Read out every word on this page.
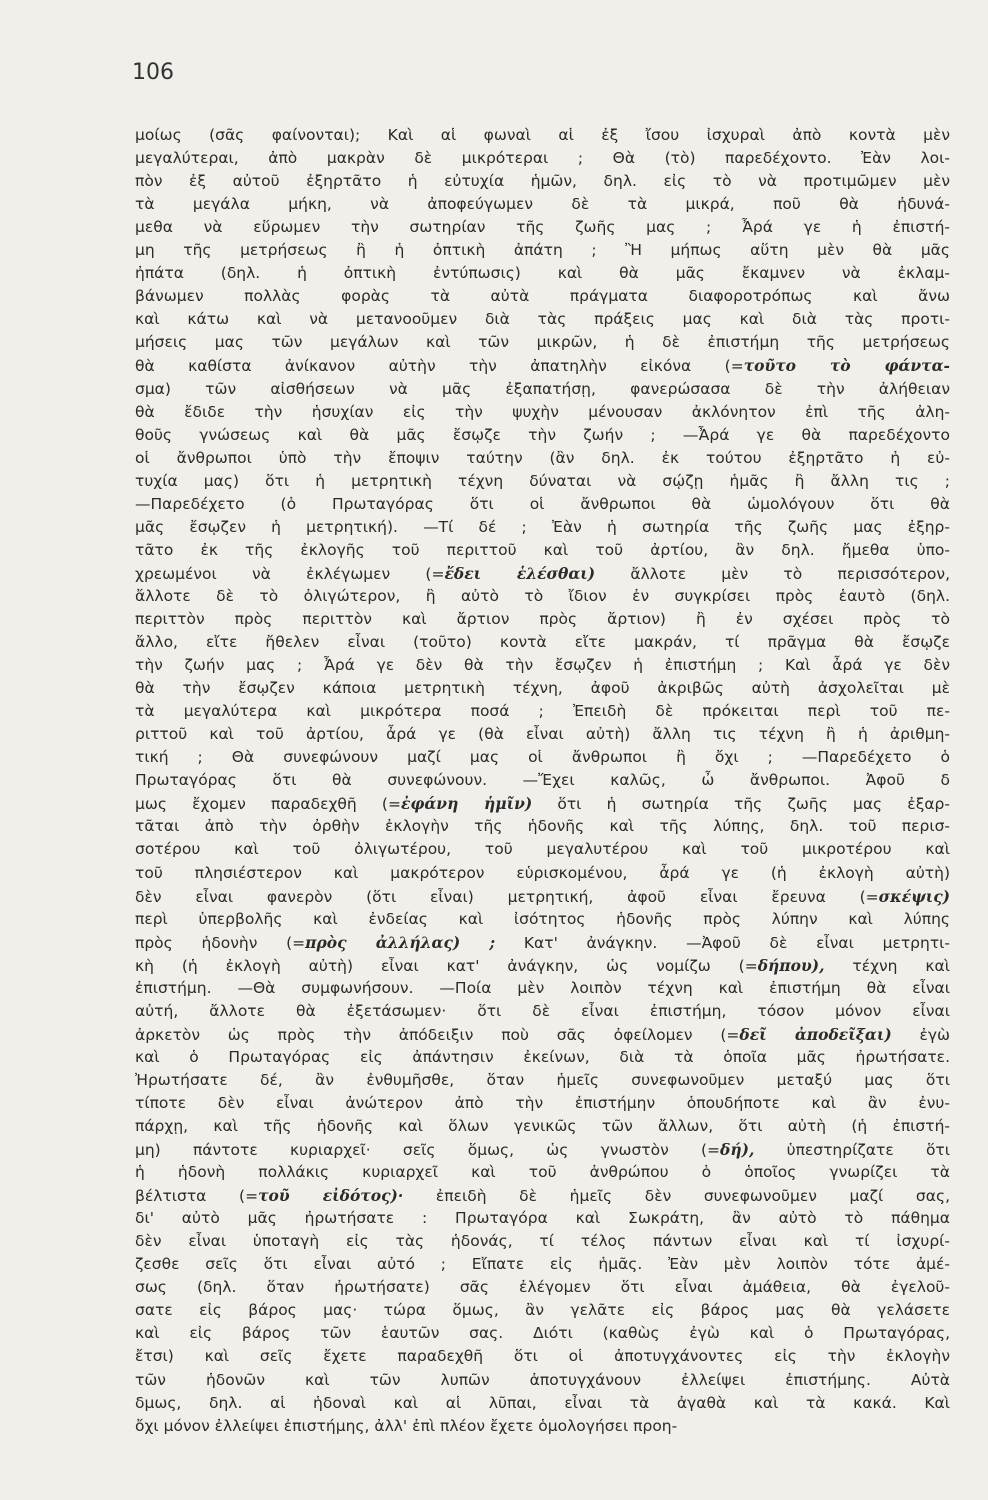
106
μοίως (σᾶς φαίνονται); Καὶ αἱ φωναὶ αἱ ἐξ ἴσου ἰσχυραὶ ἀπὸ κοντὰ μὲν
μεγαλύτεραι, ἀπὸ μακρὰν δὲ μικρότεραι ; Θὰ (τὸ) παρεδέχοντο. Ἐὰν λοι-
πὸν ἐξ αὐτοῦ ἐξηρτᾶτο ἡ εὐτυχία ἡμῶν, δηλ. εἰς τὸ νὰ προτιμῶμεν μὲν
τὰ μεγάλα μήκη, νὰ ἀποφεύγωμεν δὲ τὰ μικρά, ποῦ θὰ ἠδυνά-
μεθα νὰ εὕρωμεν τὴν σωτηρίαν τῆς ζωῆς μας ; Ἆρά γε ἡ ἐπιστή-
μη τῆς μετρήσεως ἢ ἡ ὀπτικὴ ἀπάτη ; Ἢ μήπως αὕτη μὲν θὰ μᾶς
ἠπάτα (δηλ. ἡ ὀπτικὴ ἐντύπωσις) καὶ θὰ μᾶς ἔκαμνεν νὰ ἐκλαμ-
βάνωμεν πολλὰς φορὰς τὰ αὐτὰ πράγματα διαφοροτρόπως καὶ ἄνω
καὶ κάτω καὶ νὰ μετανοοῦμεν διὰ τὰς πράξεις μας καὶ διὰ τὰς προτι-
μήσεις μας τῶν μεγάλων καὶ τῶν μικρῶν, ἡ δὲ ἐπιστήμη τῆς μετρήσεως
θὰ καθίστα ἀνίκανον αὐτὴν τὴν ἀπατηλὴν εἰκόνα (=τοῦτο τὸ φάντα-
σμα) τῶν αἰσθήσεων νὰ μᾶς ἐξαπατήσῃ, φανερώσασα δὲ τὴν ἀλήθειαν
θὰ ἔδιδε τὴν ἡσυχίαν εἰς τὴν ψυχὴν μένουσαν ἀκλόνητον ἐπὶ τῆς ἀλη-
θοῦς γνώσεως καὶ θὰ μᾶς ἔσῳζε τὴν ζωήν ; —Ἆρά γε θὰ παρεδέχοντο
οἱ ἄνθρωποι ὑπὸ τὴν ἔποψιν ταύτην (ἂν δηλ. ἐκ τούτου ἐξηρτᾶτο ἡ εὐ-
τυχία μας) ὅτι ἡ μετρητικὴ τέχνη δύναται νὰ σῴζῃ ἡμᾶς ἢ ἄλλη τις ;
—Παρεδέχετο (ὁ Πρωταγόρας ὅτι οἱ ἄνθρωποι θὰ ὡμολόγουν ὅτι θὰ
μᾶς ἔσῳζεν ἡ μετρητική). —Τί δέ ; Ἐὰν ἡ σωτηρία τῆς ζωῆς μας ἐξηρ-
τᾶτο ἐκ τῆς ἐκλογῆς τοῦ περιττοῦ καὶ τοῦ ἀρτίου, ἂν δηλ. ἤμεθα ὑπο-
χρεωμένοι νὰ ἐκλέγωμεν (=ἔδει ἑλέσθαι) ἄλλοτε μὲν τὸ περισσότερον,
ἄλλοτε δὲ τὸ ὀλιγώτερον, ἢ αὐτὸ τὸ ἴδιον ἐν συγκρίσει πρὸς ἑαυτὸ (δηλ.
περιττὸν πρὸς περιττὸν καὶ ἄρτιον πρὸς ἄρτιον) ἢ ἐν σχέσει πρὸς τὸ
ἄλλο, εἴτε ἤθελεν εἶναι (τοῦτο) κοντὰ εἴτε μακράν, τί πρᾶγμα θὰ ἔσῳζε
τὴν ζωήν μας ; Ἆρά γε δὲν θὰ τὴν ἔσῳζεν ἡ ἐπιστήμη ; Καὶ ἆρά γε δὲν
θὰ τὴν ἔσῳζεν κάποια μετρητικὴ τέχνη, ἀφοῦ ἀκριβῶς αὐτὴ ἀσχολεῖται μὲ
τὰ μεγαλύτερα καὶ μικρότερα ποσά ; Ἐπειδὴ δὲ πρόκειται περὶ τοῦ πε-
ριττοῦ καὶ τοῦ ἀρτίου, ἆρά γε (θὰ εἶναι αὐτὴ) ἄλλη τις τέχνη ἢ ἡ ἀριθμη-
τική ; Θὰ συνεφώνουν μαζί μας οἱ ἄνθρωποι ἢ ὄχι ; —Παρεδέχετο ὁ
Πρωταγόρας ὅτι θὰ συνεφώνουν. —Ἔχει καλῶς, ὦ ἄνθρωποι. Ἀφοῦ δ
μως ἔχομεν παραδεχθῆ (=ἐφάνη ἡμῖν) ὅτι ἡ σωτηρία τῆς ζωῆς μας ἐξαρ-
τᾶται ἀπὸ τὴν ὀρθὴν ἐκλογὴν τῆς ἡδονῆς καὶ τῆς λύπης, δηλ. τοῦ περισ-
σοτέρου καὶ τοῦ ὀλιγωτέρου, τοῦ μεγαλυτέρου καὶ τοῦ μικροτέρου καὶ
τοῦ πλησιέστερον καὶ μακρότερον εὑρισκομένου, ἆρά γε (ἡ ἐκλογὴ αὐτὴ)
δὲν εἶναι φανερὸν (ὅτι εἶναι) μετρητική, ἀφοῦ εἶναι ἔρευνα (=σκέψις)
περὶ ὑπερβολῆς καὶ ἐνδείας καὶ ἰσότητος ἡδονῆς πρὸς λύπην καὶ λύπης
πρὸς ἡδονὴν (=πρὸς ἀλλήλας) ; Κατ' ἀνάγκην. —Ἀφοῦ δὲ εἶναι μετρητι-
κὴ (ἡ ἐκλογὴ αὐτὴ) εἶναι κατ' ἀνάγκην, ὡς νομίζω (=δήπου), τέχνη καὶ
ἐπιστήμη. —Θὰ συμφωνήσουν. —Ποία μὲν λοιπὸν τέχνη καὶ ἐπιστήμη θὰ εἶναι
αὐτή, ἄλλοτε θὰ ἐξετάσωμεν· ὅτι δὲ εἶναι ἐπιστήμη, τόσον μόνον εἶναι
ἀρκετὸν ὡς πρὸς τὴν ἀπόδειξιν ποὺ σᾶς ὀφείλομεν (=δεῖ ἀποδεῖξαι) ἐγὼ
καὶ ὁ Πρωταγόρας εἰς ἀπάντησιν ἐκείνων, διὰ τὰ ὁποῖα μᾶς ἠρωτήσατε.
Ἠρωτήσατε δέ, ἂν ἐνθυμῆσθε, ὅταν ἡμεῖς συνεφωνοῦμεν μεταξύ μας ὅτι
τίποτε δὲν εἶναι ἀνώτερον ἀπὸ τὴν ἐπιστήμην ὁπουδήποτε καὶ ἂν ἐνυ-
πάρχῃ, καὶ τῆς ἡδονῆς καὶ ὅλων γενικῶς τῶν ἄλλων, ὅτι αὐτὴ (ἡ ἐπιστή-
μη) πάντοτε κυριαρχεῖ· σεῖς ὅμως, ὡς γνωστὸν (=δή), ὑπεστηρίζατε ὅτι
ἡ ἡδονὴ πολλάκις κυριαρχεῖ καὶ τοῦ ἀνθρώπου ὁ ὁποῖος γνωρίζει τὰ
βέλτιστα (=τοῦ εἰδότος)· ἐπειδὴ δὲ ἡμεῖς δὲν συνεφωνοῦμεν μαζί σας,
δι' αὐτὸ μᾶς ἠρωτήσατε : Πρωταγόρα καὶ Σωκράτη, ἂν αὐτὸ τὸ πάθημα
δὲν εἶναι ὑποταγὴ εἰς τὰς ἡδονάς, τί τέλος πάντων εἶναι καὶ τί ἰσχυρί-
ζεσθε σεῖς ὅτι εἶναι αὐτό ; Εἴπατε εἰς ἡμᾶς. Ἐὰν μὲν λοιπὸν τότε ἀμέ-
σως (δηλ. ὅταν ἠρωτήσατε) σᾶς ἐλέγομεν ὅτι εἶναι ἀμάθεια, θὰ ἐγελοῦ-
σατε εἰς βάρος μας· τώρα ὅμως, ἂν γελᾶτε εἰς βάρος μας θὰ γελάσετε
καὶ εἰς βάρος τῶν ἑαυτῶν σας. Διότι (καθὼς ἐγὼ καὶ ὁ Πρωταγόρας,
ἔτσι) καὶ σεῖς ἔχετε παραδεχθῆ ὅτι οἱ ἀποτυγχάνοντες εἰς τὴν ἐκλογὴν
τῶν ἡδονῶν καὶ τῶν λυπῶν ἀποτυγχάνουν ἐλλείψει ἐπιστήμης. Αὐτὰ
δμως, δηλ. αἱ ἡδοναὶ καὶ αἱ λῦπαι, εἶναι τὰ ἀγαθὰ καὶ τὰ κακά. Καὶ
ὄχι μόνον ἐλλείψει ἐπιστήμης, ἀλλ' ἐπὶ πλέον ἔχετε ὁμολογήσει προη-
